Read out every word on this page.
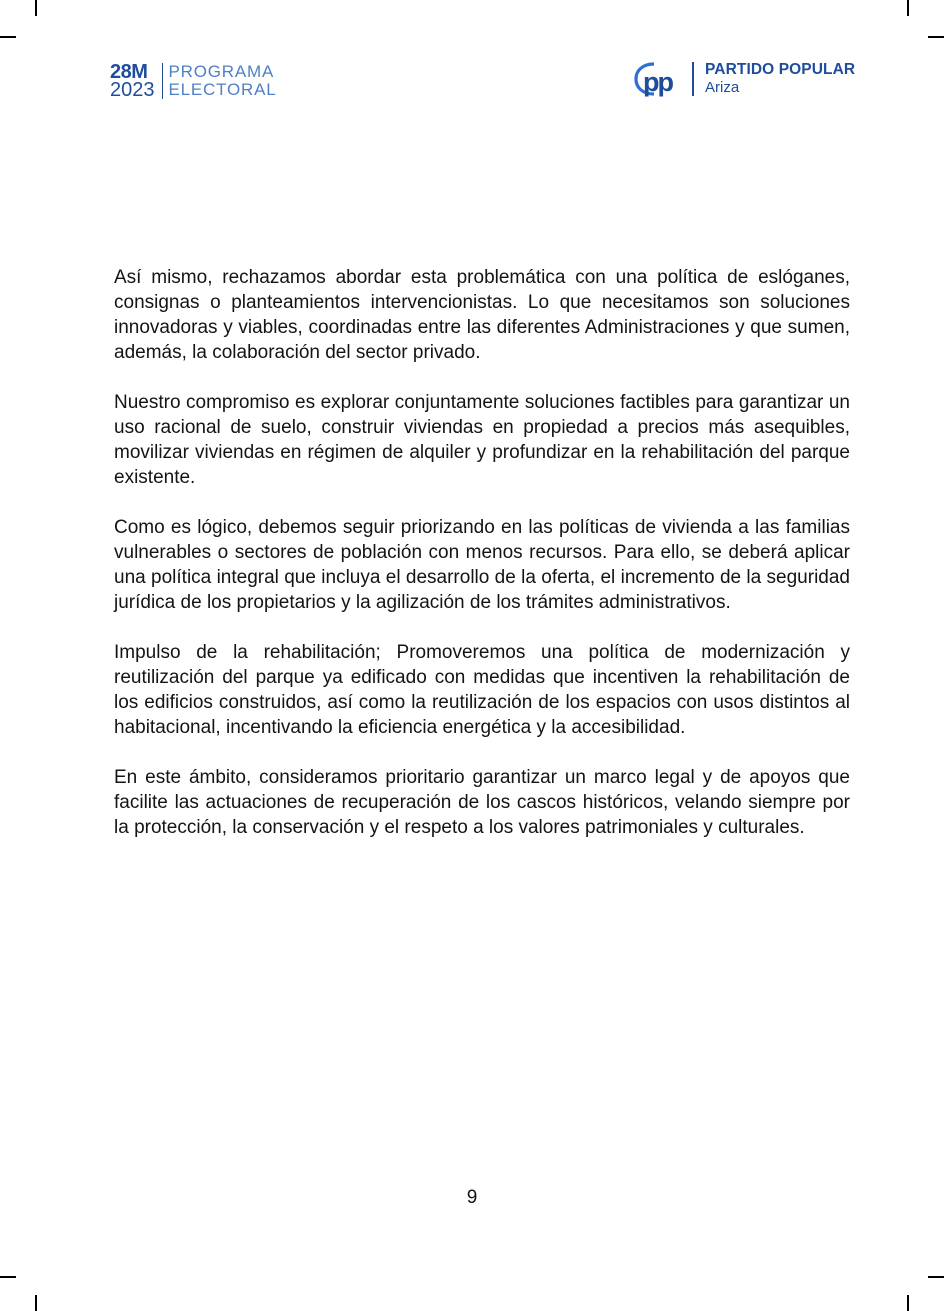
28M
2023
PROGRAMA
ELECTORAL	pp PARTIDO POPULAR
Ariza

Así mismo, rechazamos abordar esta problemática con una política de eslóganes, consignas o planteamientos intervencionistas. Lo que necesitamos son soluciones innovadoras y viables, coordinadas entre las diferentes Administraciones y que sumen, además, la colaboración del sector privado.

Nuestro compromiso es explorar conjuntamente soluciones factibles para garantizar un uso racional de suelo, construir viviendas en propiedad a precios más asequibles, movilizar viviendas en régimen de alquiler y profundizar en la rehabilitación del parque existente.

Como es lógico, debemos seguir priorizando en las políticas de vivienda a las familias vulnerables o sectores de población con menos recursos. Para ello, se deberá aplicar una política integral que incluya el desarrollo de la oferta, el incremento de la seguridad jurídica de los propietarios y la agilización de los trámites administrativos.

Impulso de la rehabilitación; Promoveremos una política de modernización y reutilización del parque ya edificado con medidas que incentiven la rehabilitación de los edificios construidos, así como la reutilización de los espacios con usos distintos al habitacional, incentivando la eficiencia energética y la accesibilidad.

En este ámbito, consideramos prioritario garantizar un marco legal y de apoyos que facilite las actuaciones de recuperación de los cascos históricos, velando siempre por la protección, la conservación y el respeto a los valores patrimoniales y culturales.

9
